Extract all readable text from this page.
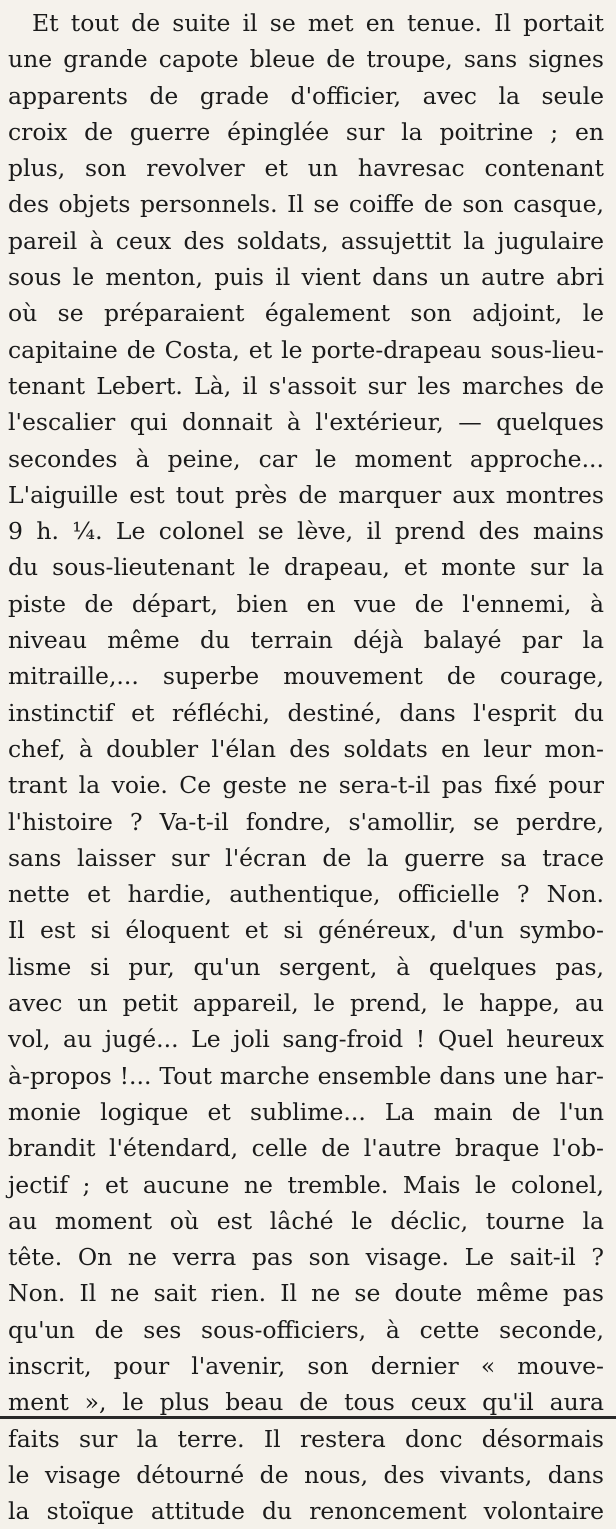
Et tout de suite il se met en tenue. Il portait
une grande capote bleue de troupe, sans signes
apparents de grade d'officier, avec la seule
croix de guerre épinglée sur la poitrine ; en
plus, son revolver et un havresac contenant
des objets personnels. Il se coiffe de son casque,
pareil à ceux des soldats, assujettit la jugulaire
sous le menton, puis il vient dans un autre abri
où se préparaient également son adjoint, le
capitaine de Costa, et le porte-drapeau sous-lieu-
tenant Lebert. Là, il s'assoit sur les marches de
l'escalier qui donnait à l'extérieur, — quelques
secondes à peine, car le moment approche...
L'aiguille est tout près de marquer aux montres
9 h. ¼. Le colonel se lève, il prend des mains
du sous-lieutenant le drapeau, et monte sur la
piste de départ, bien en vue de l'ennemi, à
niveau même du terrain déjà balayé par la
mitraille,... superbe mouvement de courage,
instinctif et réfléchi, destiné, dans l'esprit du
chef, à doubler l'élan des soldats en leur mon-
trant la voie. Ce geste ne sera-t-il pas fixé pour
l'histoire ? Va-t-il fondre, s'amollir, se perdre,
sans laisser sur l'écran de la guerre sa trace
nette et hardie, authentique, officielle ? Non.
Il est si éloquent et si généreux, d'un symbo-
lisme si pur, qu'un sergent, à quelques pas,
avec un petit appareil, le prend, le happe, au
vol, au jugé... Le joli sang-froid ! Quel heureux
à-propos !... Tout marche ensemble dans une har-
monie logique et sublime... La main de l'un
brandit l'étendard, celle de l'autre braque l'ob-
jectif ; et aucune ne tremble. Mais le colonel,
au moment où est lâché le déclic, tourne la
tête. On ne verra pas son visage. Le sait-il ?
Non. Il ne sait rien. Il ne se doute même pas
qu'un de ses sous-officiers, à cette seconde,
inscrit, pour l'avenir, son dernier « mouve-
ment », le plus beau de tous ceux qu'il aura
faits sur la terre. Il restera donc désormais
le visage détourné de nous, des vivants, dans
la stoïque attitude du renoncement volontaire
